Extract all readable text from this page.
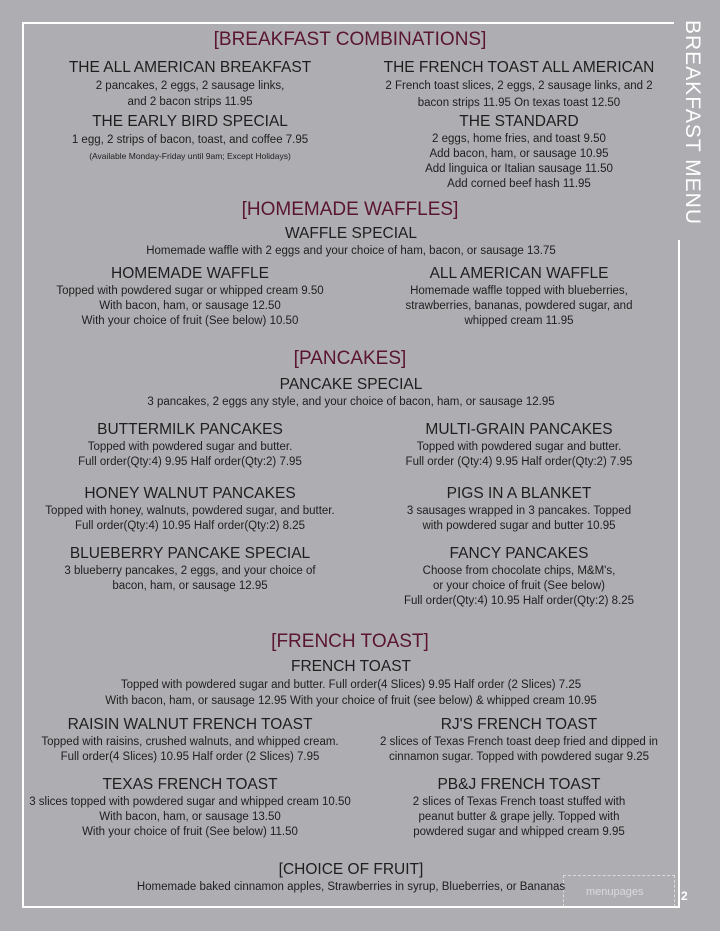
BREAKFAST MENU
menupages	2
[BREAKFAST COMBINATIONS]
THE ALL AMERICAN BREAKFAST
2 pancakes, 2 eggs, 2 sausage links,
and 2 bacon strips 11.95
THE FRENCH TOAST ALL AMERICAN
2 French toast slices, 2 eggs, 2 sausage links, and 2
bacon strips 11.95 On texas toast 12.50
THE EARLY BIRD SPECIAL
1 egg, 2 strips of bacon, toast, and coffee 7.95
(Available Monday-Friday until 9am; Except Holidays)
THE STANDARD
2 eggs, home fries, and toast 9.50
Add bacon, ham, or sausage 10.95
Add linguica or Italian sausage 11.50
Add corned beef hash 11.95
[HOMEMADE WAFFLES]
WAFFLE SPECIAL
Homemade waffle with 2 eggs and your choice of ham, bacon, or sausage 13.75
HOMEMADE WAFFLE
Topped with powdered sugar or whipped cream 9.50
With bacon, ham, or sausage 12.50
With your choice of fruit (See below) 10.50
ALL AMERICAN WAFFLE
Homemade waffle topped with blueberries,
strawberries, bananas, powdered sugar, and
whipped cream 11.95
[PANCAKES]
PANCAKE SPECIAL
3 pancakes, 2 eggs any style, and your choice of bacon, ham, or sausage 12.95
BUTTERMILK PANCAKES
Topped with powdered sugar and butter.
Full order(Qty:4) 9.95 Half order(Qty:2) 7.95
MULTI-GRAIN PANCAKES
Topped with powdered sugar and butter.
Full order (Qty:4) 9.95 Half order(Qty:2) 7.95
HONEY WALNUT PANCAKES
Topped with honey, walnuts, powdered sugar, and butter.
Full order(Qty:4) 10.95 Half order(Qty:2) 8.25
PIGS IN A BLANKET
3 sausages wrapped in 3 pancakes. Topped
with powdered sugar and butter 10.95
BLUEBERRY PANCAKE SPECIAL
3 blueberry pancakes, 2 eggs, and your choice of
bacon, ham, or sausage 12.95
FANCY PANCAKES
Choose from chocolate chips, M&M's,
or your choice of fruit (See below)
Full order(Qty:4) 10.95 Half order(Qty:2) 8.25
[FRENCH TOAST]
FRENCH TOAST
Topped with powdered sugar and butter. Full order(4 Slices) 9.95 Half order (2 Slices) 7.25
With bacon, ham, or sausage 12.95 With your choice of fruit (see below) & whipped cream 10.95
RAISIN WALNUT FRENCH TOAST
Topped with raisins, crushed walnuts, and whipped cream.
Full order(4 Slices) 10.95 Half order (2 Slices) 7.95
RJ'S FRENCH TOAST
2 slices of Texas French toast deep fried and dipped in
cinnamon sugar. Topped with powdered sugar 9.25
TEXAS FRENCH TOAST
3 slices topped with powdered sugar and whipped cream 10.50
With bacon, ham, or sausage 13.50
With your choice of fruit (See below) 11.50
PB&J FRENCH TOAST
2 slices of Texas French toast stuffed with
peanut butter & grape jelly. Topped with
powdered sugar and whipped cream 9.95
[CHOICE OF FRUIT]
Homemade baked cinnamon apples, Strawberries in syrup, Blueberries, or Bananas
